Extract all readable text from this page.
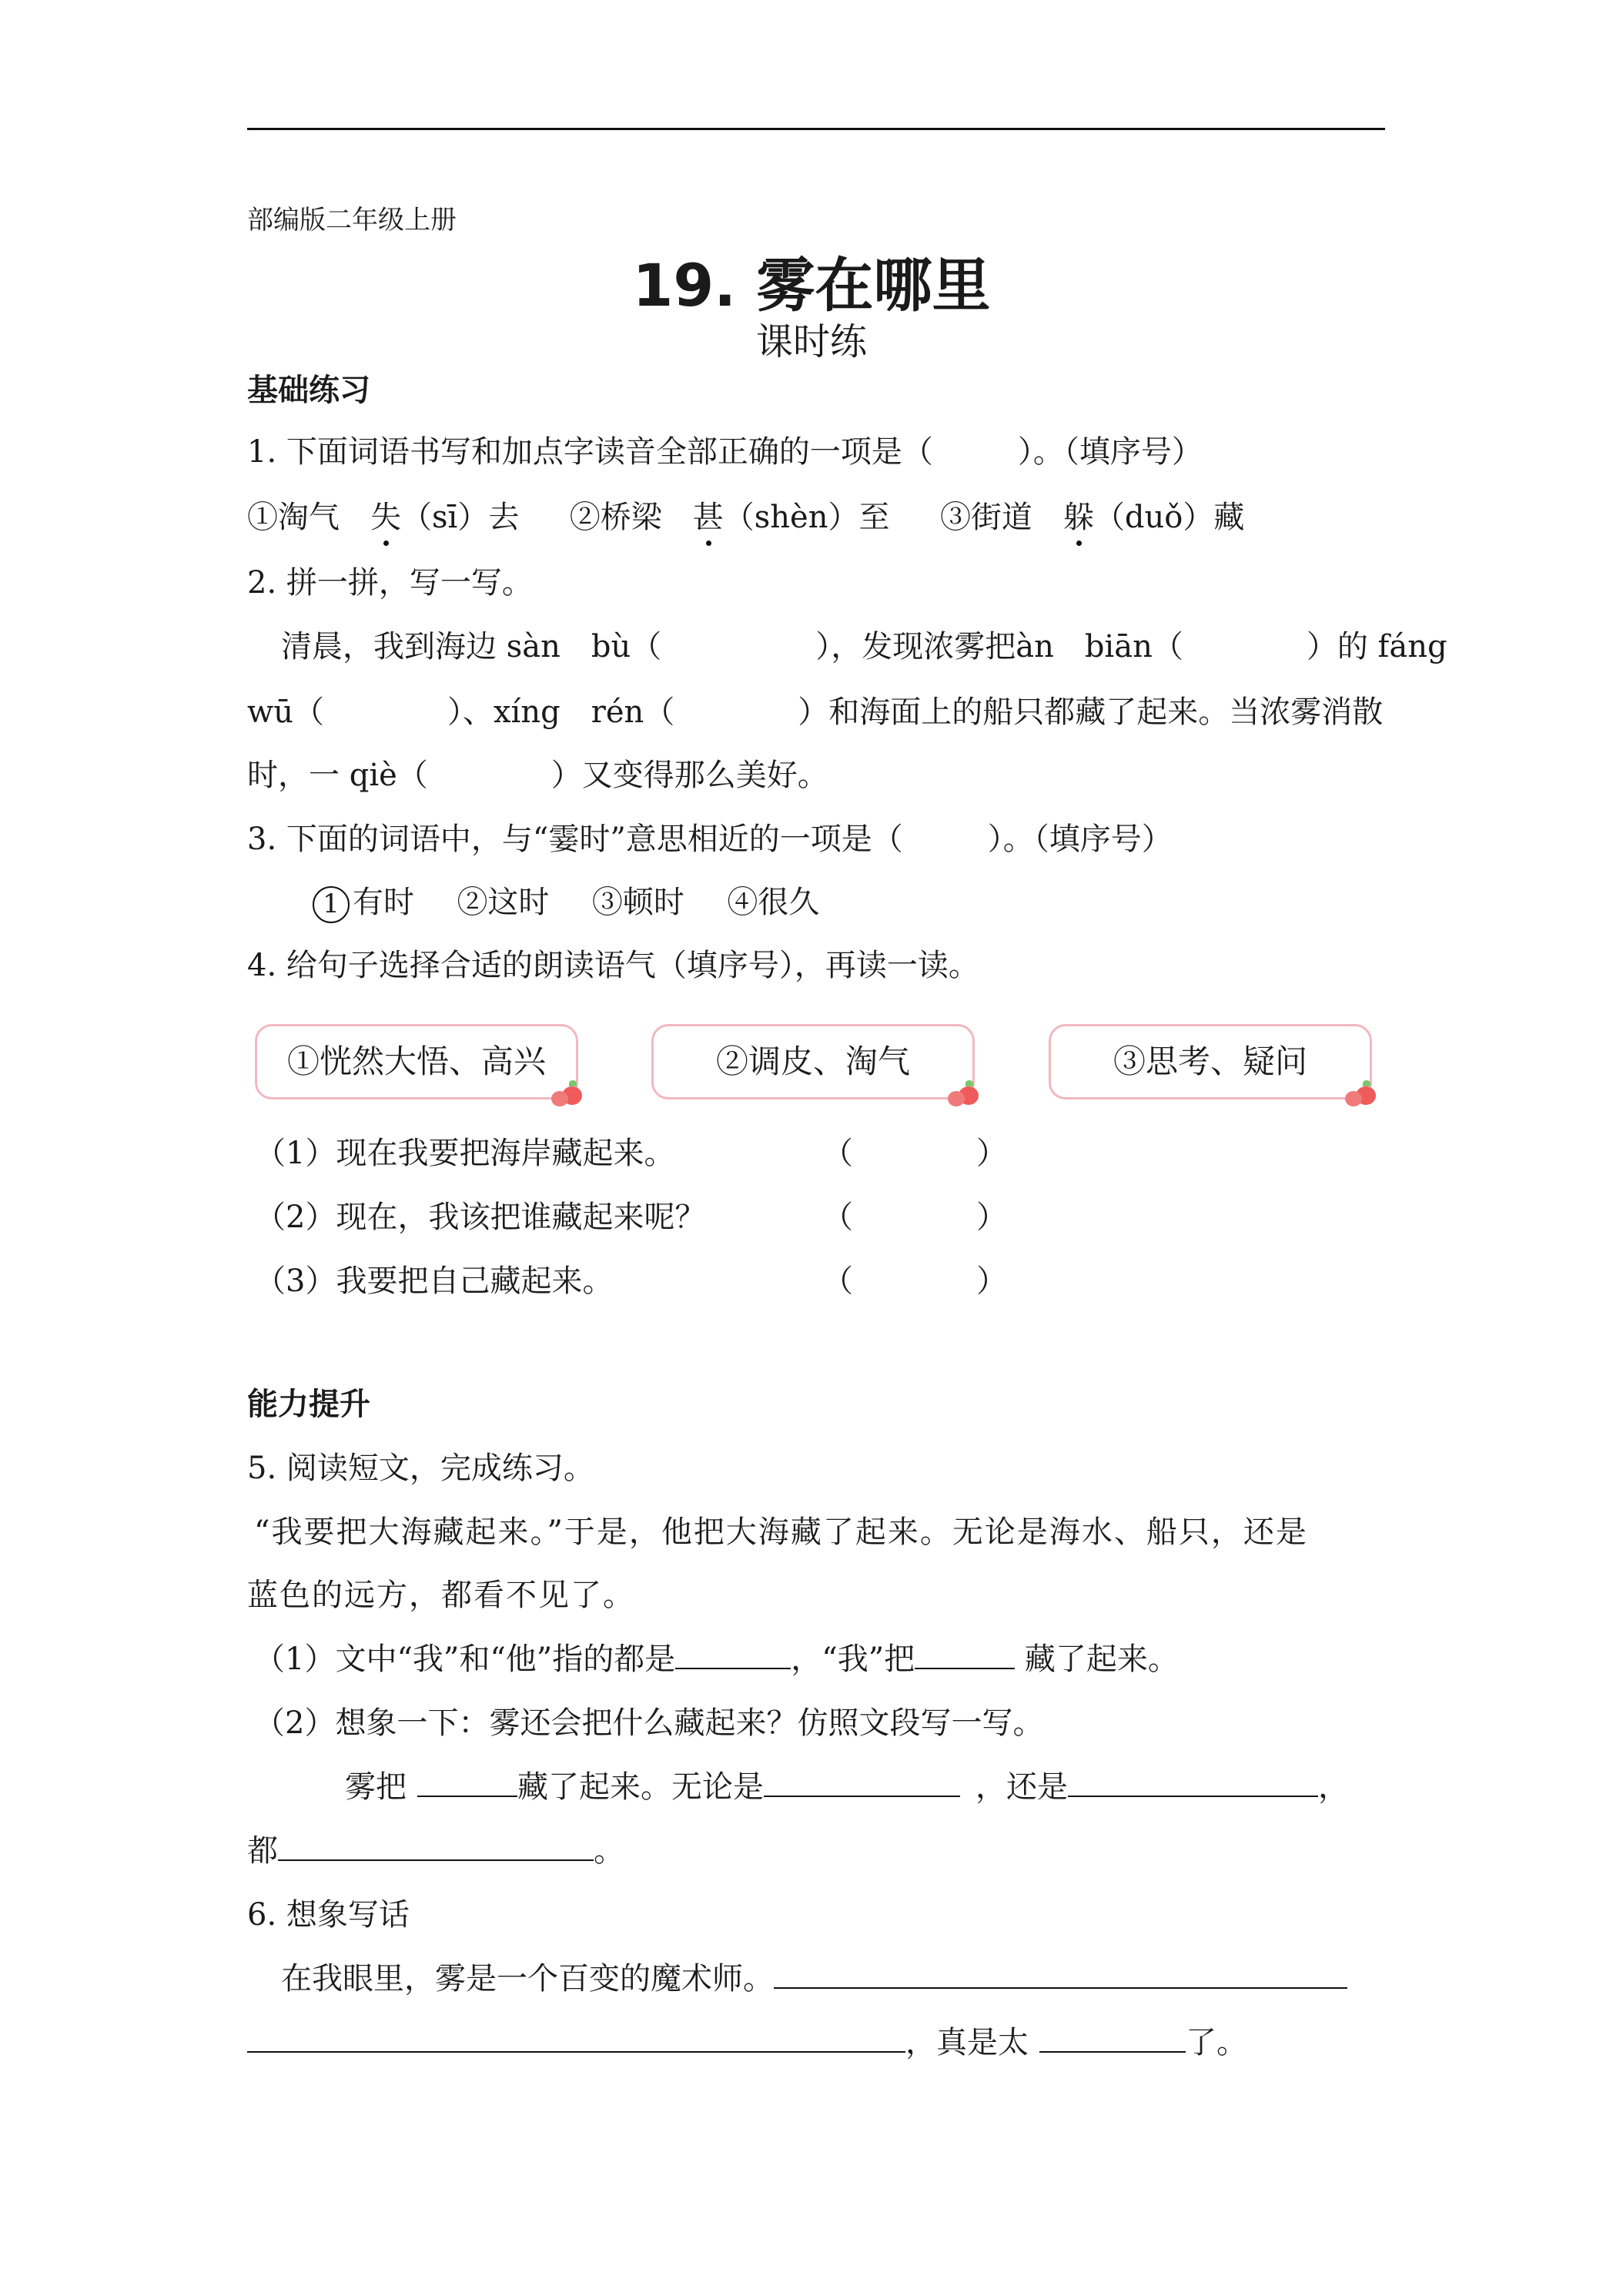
部编版二年级上册
19. 雾在哪里
课时练
基础练习
1. 下面词语书写和加点字读音全部正确的一项是（	）。（填序号）
①淘气　失（sī）去 ②桥梁　甚（shèn）至 ③街道　躲（duǒ）藏
2. 拼一拼，写一写。
清晨，我到海边 sàn　bù（　　　　　），发现浓雾把àn　biān（　　　　）的 fáng
wū（　　　　）、xíng　rén（　　　　）和海面上的船只都藏了起来。当浓雾消散
时，一 qiè（　　　　）又变得那么美好。
3. 下面的词语中，与“霎时”意思相近的一项是（	）。（填序号）
1 有时 ②这时 ③顿时 ④很久
4. 给句子选择合适的朗读语气（填序号），再读一读。
①恍然大悟、高兴	②调皮、淘气	③思考、疑问
（1）现在我要把海岸藏起来。	（　　　　）
（2）现在，我该把谁藏起来呢？	（　　　　）
（3）我要把自己藏起来。	（　　　　）
能力提升
5. 阅读短文，完成练习。
“我要把大海藏起来。”于是，他把大海藏了起来。无论是海水、船只，还是
蓝色的远方，都看不见了。
（1）文中“我”和“他”指的都是	，“我”把	藏了起来。
（2）想象一下：雾还会把什么藏起来？仿照文段写一写。
雾把	藏了起来。无论是	，还是	，
都	。
6. 想象写话
在我眼里，雾是一个百变的魔术师。
，真是太	了。
